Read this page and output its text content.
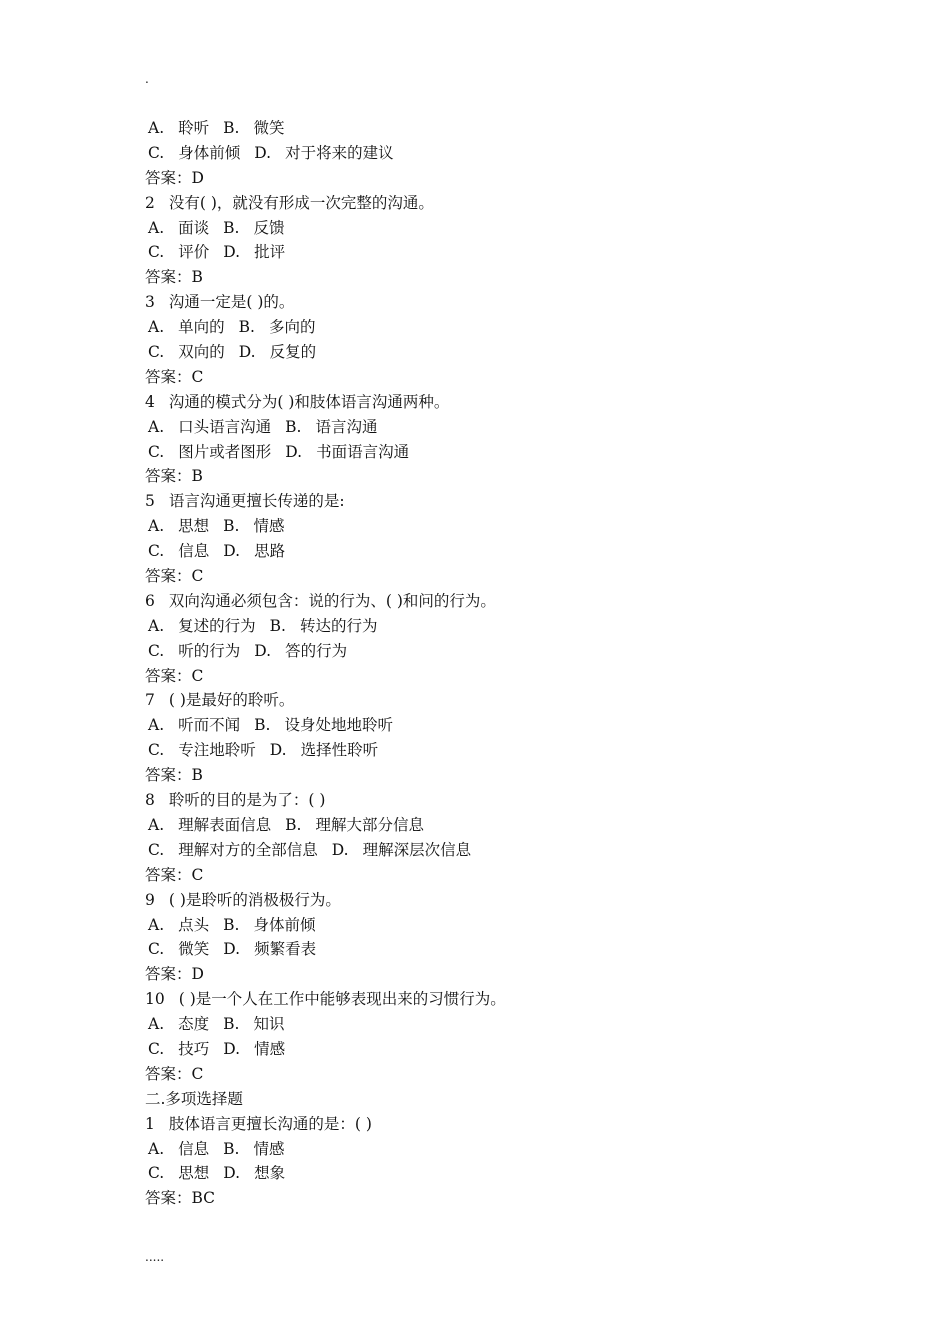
.
A. 聆听 B. 微笑
C. 身体前倾 D. 对于将来的建议
答案：D
2 没有( )，就没有形成一次完整的沟通。
A. 面谈 B. 反馈
C. 评价 D. 批评
答案：B
3 沟通一定是( )的。
A. 单向的 B. 多向的
C. 双向的 D. 反复的
答案：C
4 沟通的模式分为( )和肢体语言沟通两种。
A. 口头语言沟通 B. 语言沟通
C. 图片或者图形 D. 书面语言沟通
答案：B
5 语言沟通更擅长传递的是:
A. 思想 B. 情感
C. 信息 D. 思路
答案：C
6 双向沟通必须包含：说的行为、( )和问的行为。
A. 复述的行为 B. 转达的行为
C. 听的行为 D. 答的行为
答案：C
7 ( )是最好的聆听。
A. 听而不闻 B. 设身处地地聆听
C. 专注地聆听 D. 选择性聆听
答案：B
8 聆听的目的是为了：( )
A. 理解表面信息 B. 理解大部分信息
C. 理解对方的全部信息 D. 理解深层次信息
答案：C
9 ( )是聆听的消极极行为。
A. 点头 B. 身体前倾
C. 微笑 D. 频繁看表
答案：D
10 ( )是一个人在工作中能够表现出来的习惯行为。
A. 态度 B. 知识
C. 技巧 D. 情感
答案：C
二.多项选择题
1 肢体语言更擅长沟通的是：( )
A. 信息 B. 情感
C. 思想 D. 想象
答案：BC
.....
